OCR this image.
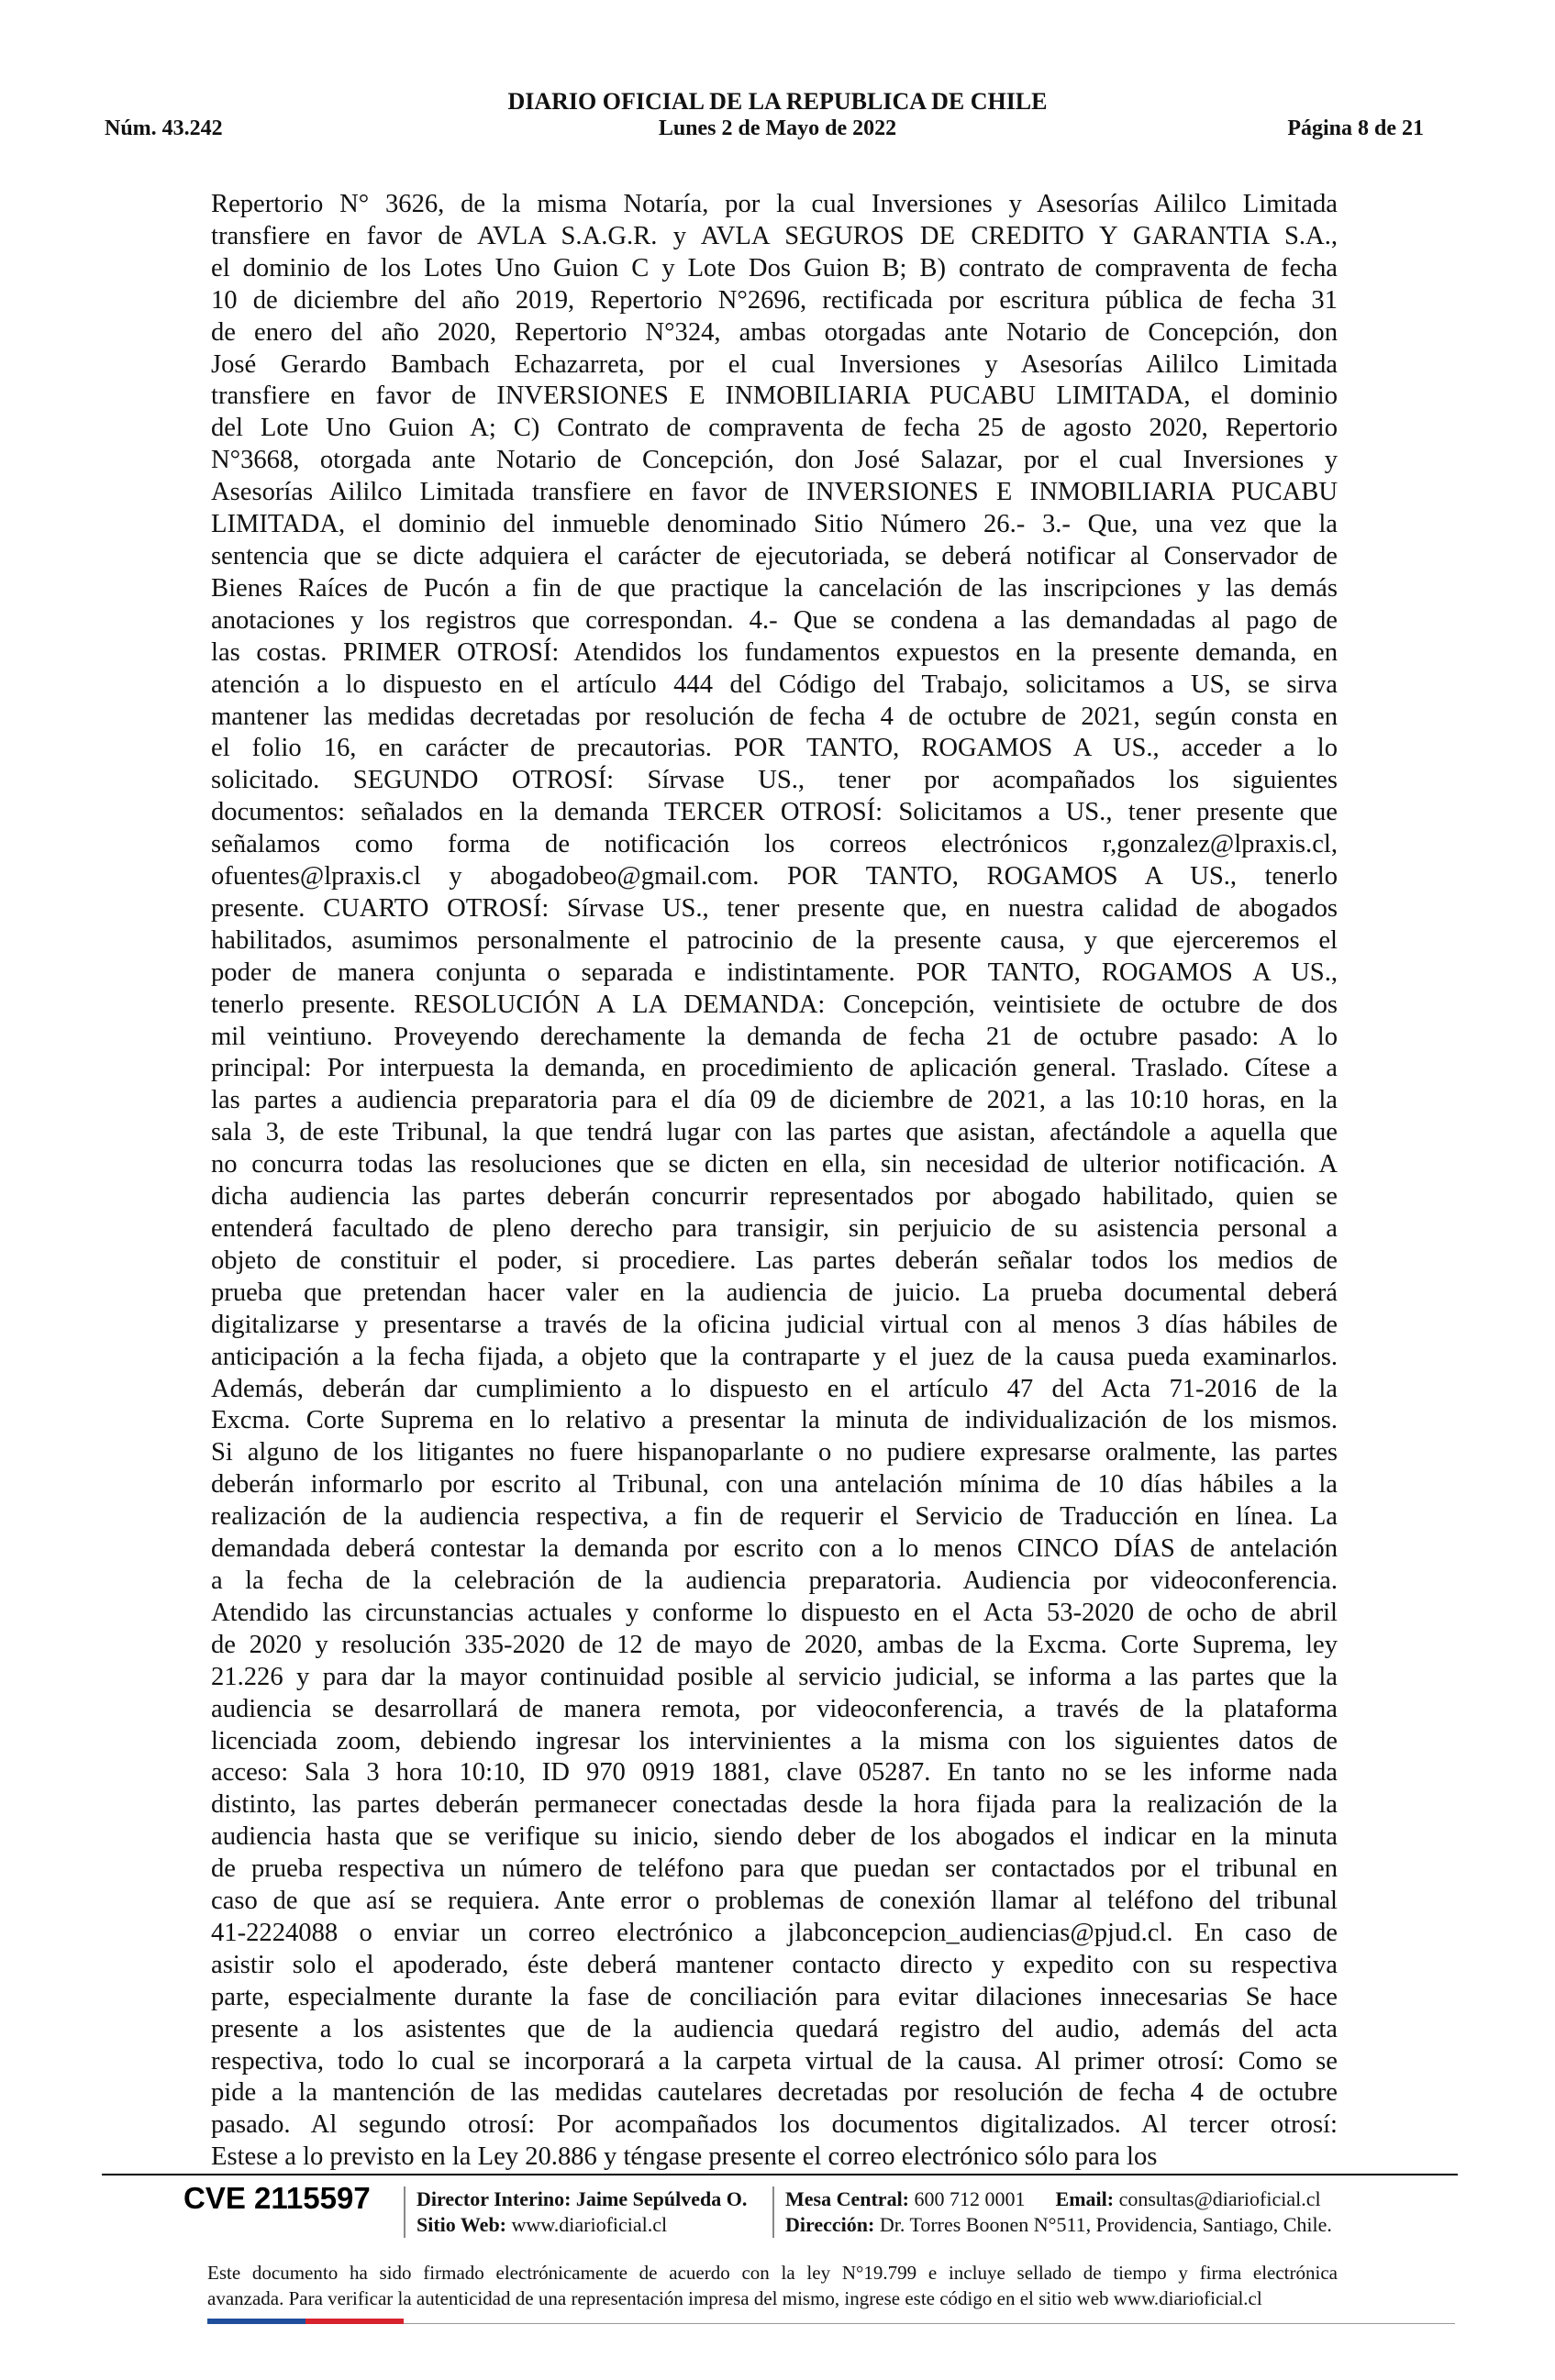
DIARIO OFICIAL DE LA REPUBLICA DE CHILE
Núm. 43.242	Lunes 2 de Mayo de 2022	Página 8 de 21
Repertorio N° 3626, de la misma Notaría, por la cual Inversiones y Asesorías Aililco Limitada
transfiere en favor de AVLA S.A.G.R. y AVLA SEGUROS DE CREDITO Y GARANTIA S.A.,
el dominio de los Lotes Uno Guion C y Lote Dos Guion B; B) contrato de compraventa de fecha
10 de diciembre del año 2019, Repertorio N°2696, rectificada por escritura pública de fecha 31
de enero del año 2020, Repertorio N°324, ambas otorgadas ante Notario de Concepción, don
José Gerardo Bambach Echazarreta, por el cual Inversiones y Asesorías Aililco Limitada
transfiere en favor de INVERSIONES E INMOBILIARIA PUCABU LIMITADA, el dominio
del Lote Uno Guion A; C) Contrato de compraventa de fecha 25 de agosto 2020, Repertorio
N°3668, otorgada ante Notario de Concepción, don José Salazar, por el cual Inversiones y
Asesorías Aililco Limitada transfiere en favor de INVERSIONES E INMOBILIARIA PUCABU
LIMITADA, el dominio del inmueble denominado Sitio Número 26.- 3.- Que, una vez que la
sentencia que se dicte adquiera el carácter de ejecutoriada, se deberá notificar al Conservador de
Bienes Raíces de Pucón a fin de que practique la cancelación de las inscripciones y las demás
anotaciones y los registros que correspondan. 4.- Que se condena a las demandadas al pago de
las costas. PRIMER OTROSÍ: Atendidos los fundamentos expuestos en la presente demanda, en
atención a lo dispuesto en el artículo 444 del Código del Trabajo, solicitamos a US, se sirva
mantener las medidas decretadas por resolución de fecha 4 de octubre de 2021, según consta en
el folio 16, en carácter de precautorias. POR TANTO, ROGAMOS A US., acceder a lo
solicitado. SEGUNDO OTROSÍ: Sírvase US., tener por acompañados los siguientes
documentos: señalados en la demanda TERCER OTROSÍ: Solicitamos a US., tener presente que
señalamos como forma de notificación los correos electrónicos r,gonzalez@lpraxis.cl,
ofuentes@lpraxis.cl y abogadobeo@gmail.com. POR TANTO, ROGAMOS A US., tenerlo
presente. CUARTO OTROSÍ: Sírvase US., tener presente que, en nuestra calidad de abogados
habilitados, asumimos personalmente el patrocinio de la presente causa, y que ejerceremos el
poder de manera conjunta o separada e indistintamente. POR TANTO, ROGAMOS A US.,
tenerlo presente. RESOLUCIÓN A LA DEMANDA: Concepción, veintisiete de octubre de dos
mil veintiuno. Proveyendo derechamente la demanda de fecha 21 de octubre pasado: A lo
principal: Por interpuesta la demanda, en procedimiento de aplicación general. Traslado. Cítese a
las partes a audiencia preparatoria para el día 09 de diciembre de 2021, a las 10:10 horas, en la
sala 3, de este Tribunal, la que tendrá lugar con las partes que asistan, afectándole a aquella que
no concurra todas las resoluciones que se dicten en ella, sin necesidad de ulterior notificación. A
dicha audiencia las partes deberán concurrir representados por abogado habilitado, quien se
entenderá facultado de pleno derecho para transigir, sin perjuicio de su asistencia personal a
objeto de constituir el poder, si procediere. Las partes deberán señalar todos los medios de
prueba que pretendan hacer valer en la audiencia de juicio. La prueba documental deberá
digitalizarse y presentarse a través de la oficina judicial virtual con al menos 3 días hábiles de
anticipación a la fecha fijada, a objeto que la contraparte y el juez de la causa pueda examinarlos.
Además, deberán dar cumplimiento a lo dispuesto en el artículo 47 del Acta 71-2016 de la
Excma. Corte Suprema en lo relativo a presentar la minuta de individualización de los mismos.
Si alguno de los litigantes no fuere hispanoparlante o no pudiere expresarse oralmente, las partes
deberán informarlo por escrito al Tribunal, con una antelación mínima de 10 días hábiles a la
realización de la audiencia respectiva, a fin de requerir el Servicio de Traducción en línea. La
demandada deberá contestar la demanda por escrito con a lo menos CINCO DÍAS de antelación
a la fecha de la celebración de la audiencia preparatoria. Audiencia por videoconferencia.
Atendido las circunstancias actuales y conforme lo dispuesto en el Acta 53-2020 de ocho de abril
de 2020 y resolución 335-2020 de 12 de mayo de 2020, ambas de la Excma. Corte Suprema, ley
21.226 y para dar la mayor continuidad posible al servicio judicial, se informa a las partes que la
audiencia se desarrollará de manera remota, por videoconferencia, a través de la plataforma
licenciada zoom, debiendo ingresar los intervinientes a la misma con los siguientes datos de
acceso: Sala 3 hora 10:10, ID 970 0919 1881, clave 05287. En tanto no se les informe nada
distinto, las partes deberán permanecer conectadas desde la hora fijada para la realización de la
audiencia hasta que se verifique su inicio, siendo deber de los abogados el indicar en la minuta
de prueba respectiva un número de teléfono para que puedan ser contactados por el tribunal en
caso de que así se requiera. Ante error o problemas de conexión llamar al teléfono del tribunal
41-2224088 o enviar un correo electrónico a jlabconcepcion_audiencias@pjud.cl. En caso de
asistir solo el apoderado, éste deberá mantener contacto directo y expedito con su respectiva
parte, especialmente durante la fase de conciliación para evitar dilaciones innecesarias Se hace
presente a los asistentes que de la audiencia quedará registro del audio, además del acta
respectiva, todo lo cual se incorporará a la carpeta virtual de la causa. Al primer otrosí: Como se
pide a la mantención de las medidas cautelares decretadas por resolución de fecha 4 de octubre
pasado. Al segundo otrosí: Por acompañados los documentos digitalizados. Al tercer otrosí:
Estese a lo previsto en la Ley 20.886 y téngase presente el correo electrónico sólo para los
CVE 2115597 Director Interino: Jaime Sepúlveda O.
Sitio Web: www.diarioficial.cl
Mesa Central: 600 712 0001 Email: consultas@diarioficial.cl
Dirección: Dr. Torres Boonen N°511, Providencia, Santiago, Chile.
Este documento ha sido firmado electrónicamente de acuerdo con la ley N°19.799 e incluye sellado de tiempo y firma electrónica
avanzada. Para verificar la autenticidad de una representación impresa del mismo, ingrese este código en el sitio web www.diarioficial.cl
